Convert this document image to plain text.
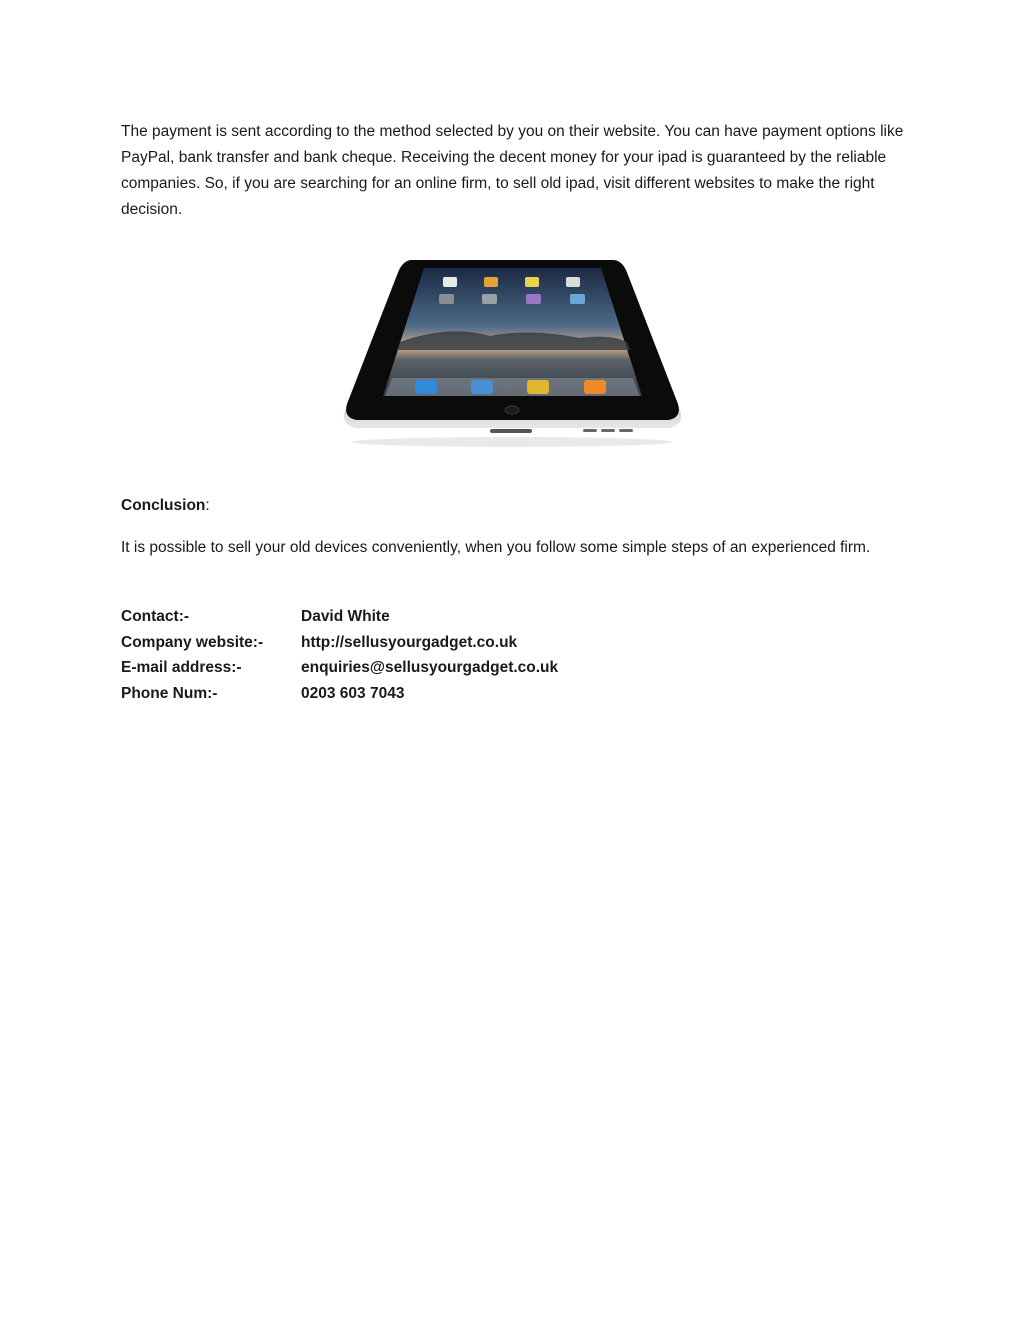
The payment is sent according to the method selected by you on their website. You can have payment options like PayPal, bank transfer and bank cheque. Receiving the decent money for your ipad is guaranteed by the reliable companies. So, if you are searching for an online firm, to sell old ipad, visit different websites to make the right decision.

Conclusion:

It is possible to sell your old devices conveniently, when you follow some simple steps of an experienced firm.

Contact:-	David White
Company website:-	http://sellusyourgadget.co.uk
E-mail address:-	enquiries@sellusyourgadget.co.uk
Phone Num:-	0203 603 7043
